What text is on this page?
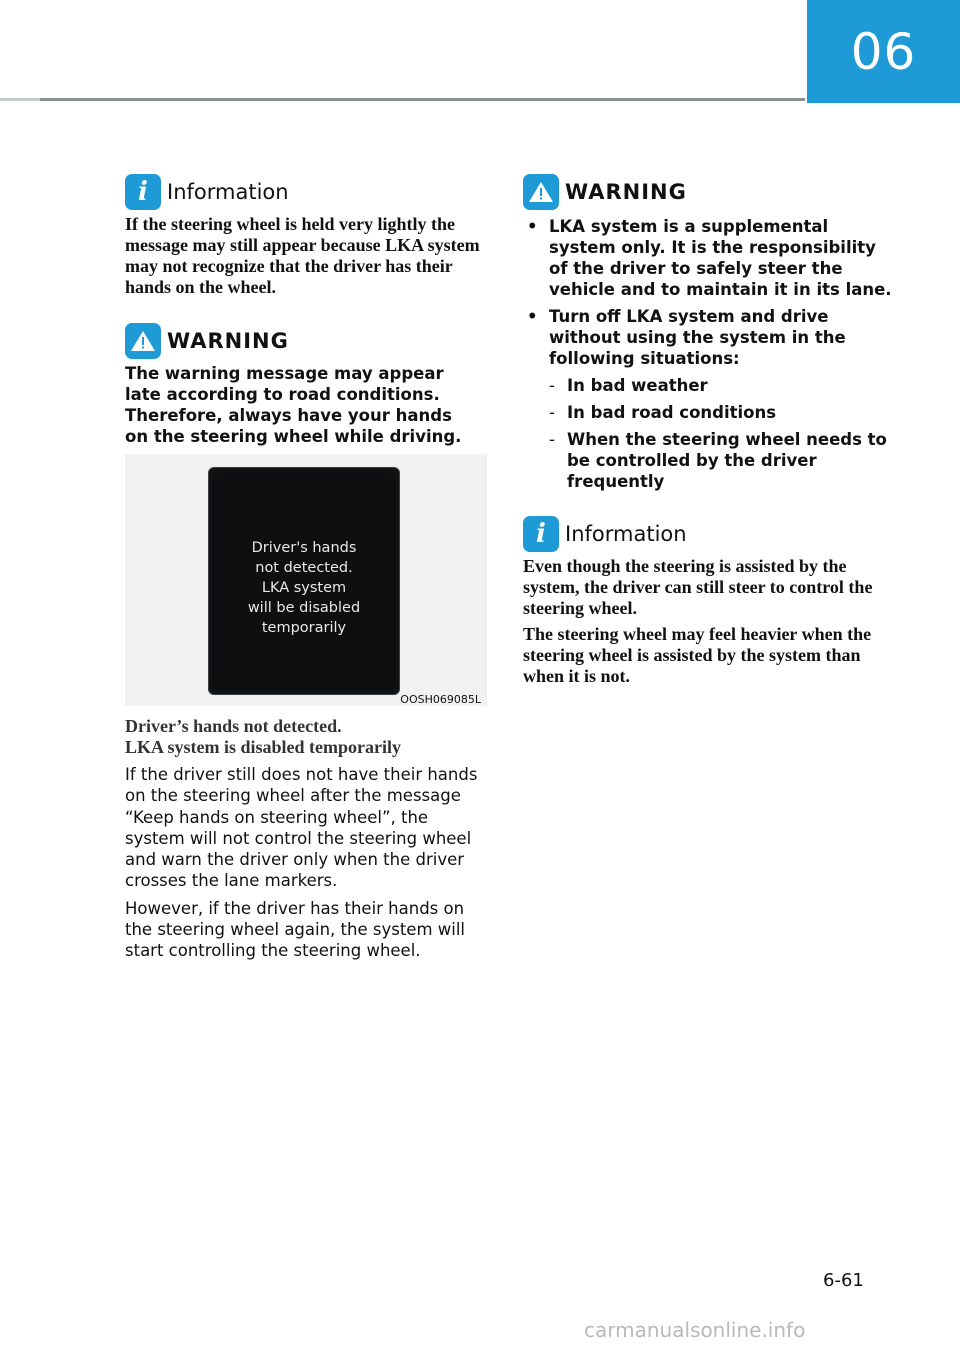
06
i Information

If the steering wheel is held very lightly the message may still appear because LKA system may not recognize that the driver has their hands on the wheel.

WARNING

The warning message may appear late according to road conditions. Therefore, always have your hands on the steering wheel while driving.

Driver's hands
not detected.
LKA system
will be disabled
temporarily
OOSH069085L

Driver’s hands not detected.

LKA system is disabled temporarily

If the driver still does not have their hands on the steering wheel after the message “Keep hands on steering wheel”, the system will not control the steering wheel and warn the driver only when the driver crosses the lane markers.

However, if the driver has their hands on the steering wheel again, the system will start controlling the steering wheel.

WARNING
• LKA system is a supplemental system only. It is the responsibility of the driver to safely steer the vehicle and to maintain it in its lane.
• Turn off LKA system and drive without using the system in the following situations:
- In bad weather
- In bad road conditions
- When the steering wheel needs to be controlled by the driver frequently
i Information

Even though the steering is assisted by the system, the driver can still steer to control the steering wheel.

The steering wheel may feel heavier when the steering wheel is assisted by the system than when it is not.

6-61
carmanualsonline.info
